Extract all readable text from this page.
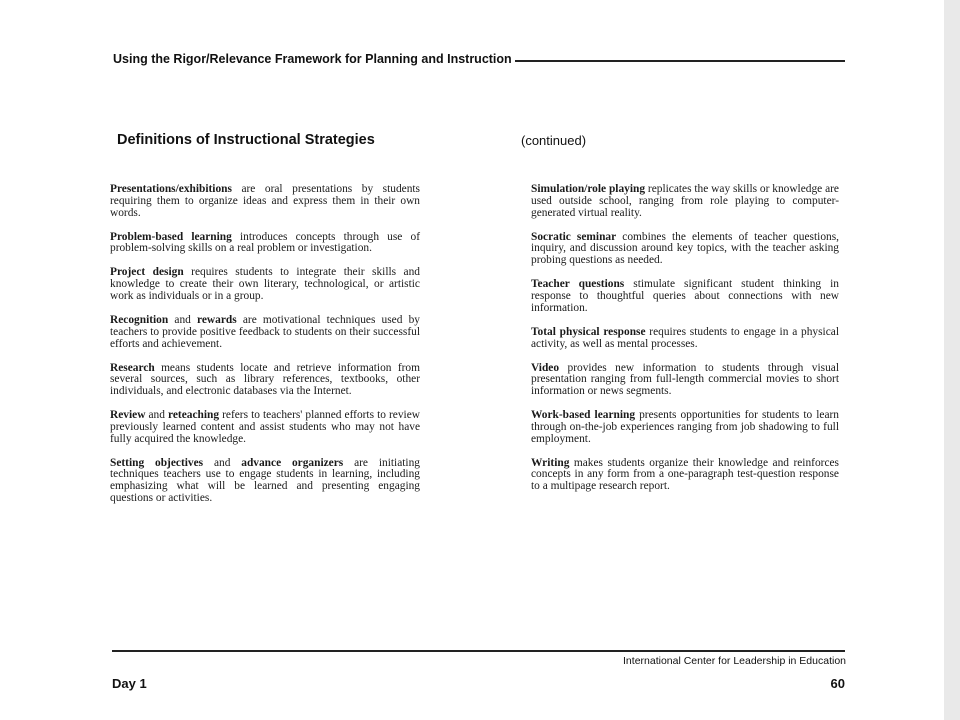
Using the Rigor/Relevance Framework for Planning and Instruction
Definitions of Instructional Strategies	(continued)

Presentations/exhibitions are oral presentations by students requiring them to organize ideas and express them in their own words.

Problem-based learning introduces concepts through use of problem-solving skills on a real problem or investigation.

Project design requires students to integrate their skills and knowledge to create their own literary, technological, or artistic work as individuals or in a group.

Recognition and rewards are motivational techniques used by teachers to provide positive feedback to students on their successful efforts and achievement.

Research means students locate and retrieve information from several sources, such as library references, textbooks, other individuals, and electronic databases via the Internet.

Review and reteaching refers to teachers' planned efforts to review previously learned content and assist students who may not have fully acquired the knowledge.

Setting objectives and advance organizers are initiating techniques teachers use to engage students in learning, including emphasizing what will be learned and presenting engaging questions or activities.

Simulation/role playing replicates the way skills or knowledge are used outside school, ranging from role playing to computer-generated virtual reality.

Socratic seminar combines the elements of teacher questions, inquiry, and discussion around key topics, with the teacher asking probing questions as needed.

Teacher questions stimulate significant student thinking in response to thoughtful queries about connections with new information.

Total physical response requires students to engage in a physical activity, as well as mental processes.

Video provides new information to students through visual presentation ranging from full-length commercial movies to short information or news segments.

Work-based learning presents opportunities for students to learn through on-the-job experiences ranging from job shadowing to full employment.

Writing makes students organize their knowledge and reinforces concepts in any form from a one-paragraph test-question response to a multipage research report.

International Center for Leadership in Education
Day 1	60
